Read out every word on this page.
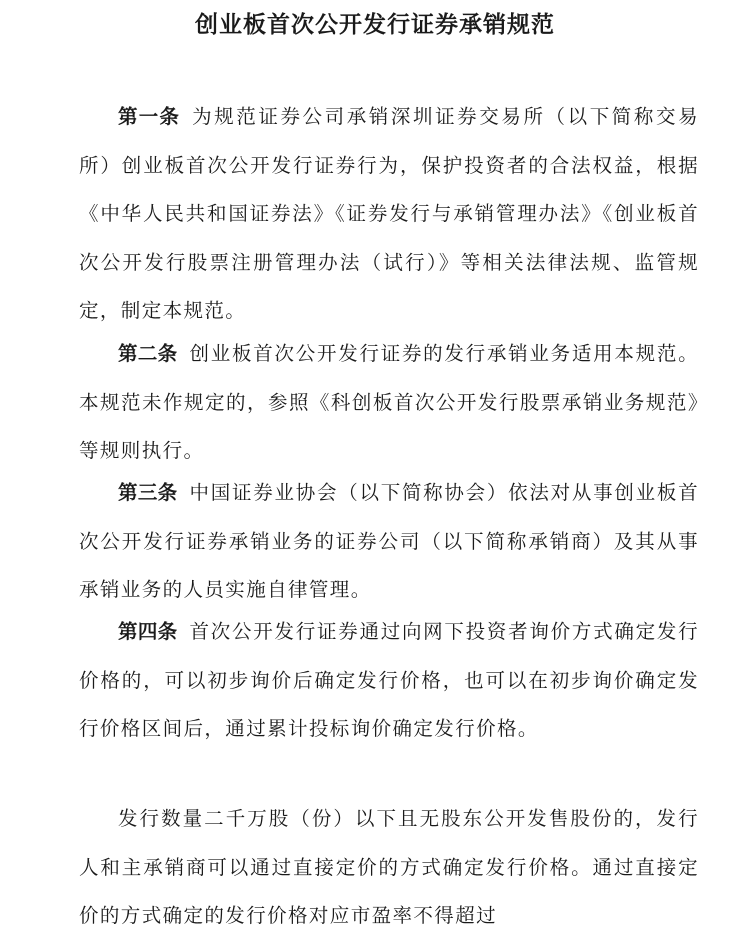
创业板首次公开发行证券承销规范

第一条 为规范证券公司承销深圳证券交易所（以下简称交易所）创业板首次公开发行证券行为，保护投资者的合法权益，根据《中华人民共和国证券法》《证券发行与承销管理办法》《创业板首次公开发行股票注册管理办法（试行）》等相关法律法规、监管规定，制定本规范。

第二条 创业板首次公开发行证券的发行承销业务适用本规范。本规范未作规定的，参照《科创板首次公开发行股票承销业务规范》等规则执行。

第三条 中国证券业协会（以下简称协会）依法对从事创业板首次公开发行证券承销业务的证券公司（以下简称承销商）及其从事承销业务的人员实施自律管理。

第四条 首次公开发行证券通过向网下投资者询价方式确定发行价格的，可以初步询价后确定发行价格，也可以在初步询价确定发行价格区间后，通过累计投标询价确定发行价格。

发行数量二千万股（份）以下且无股东公开发售股份的，发行人和主承销商可以通过直接定价的方式确定发行价格。通过直接定价的方式确定的发行价格对应市盈率不得超过
